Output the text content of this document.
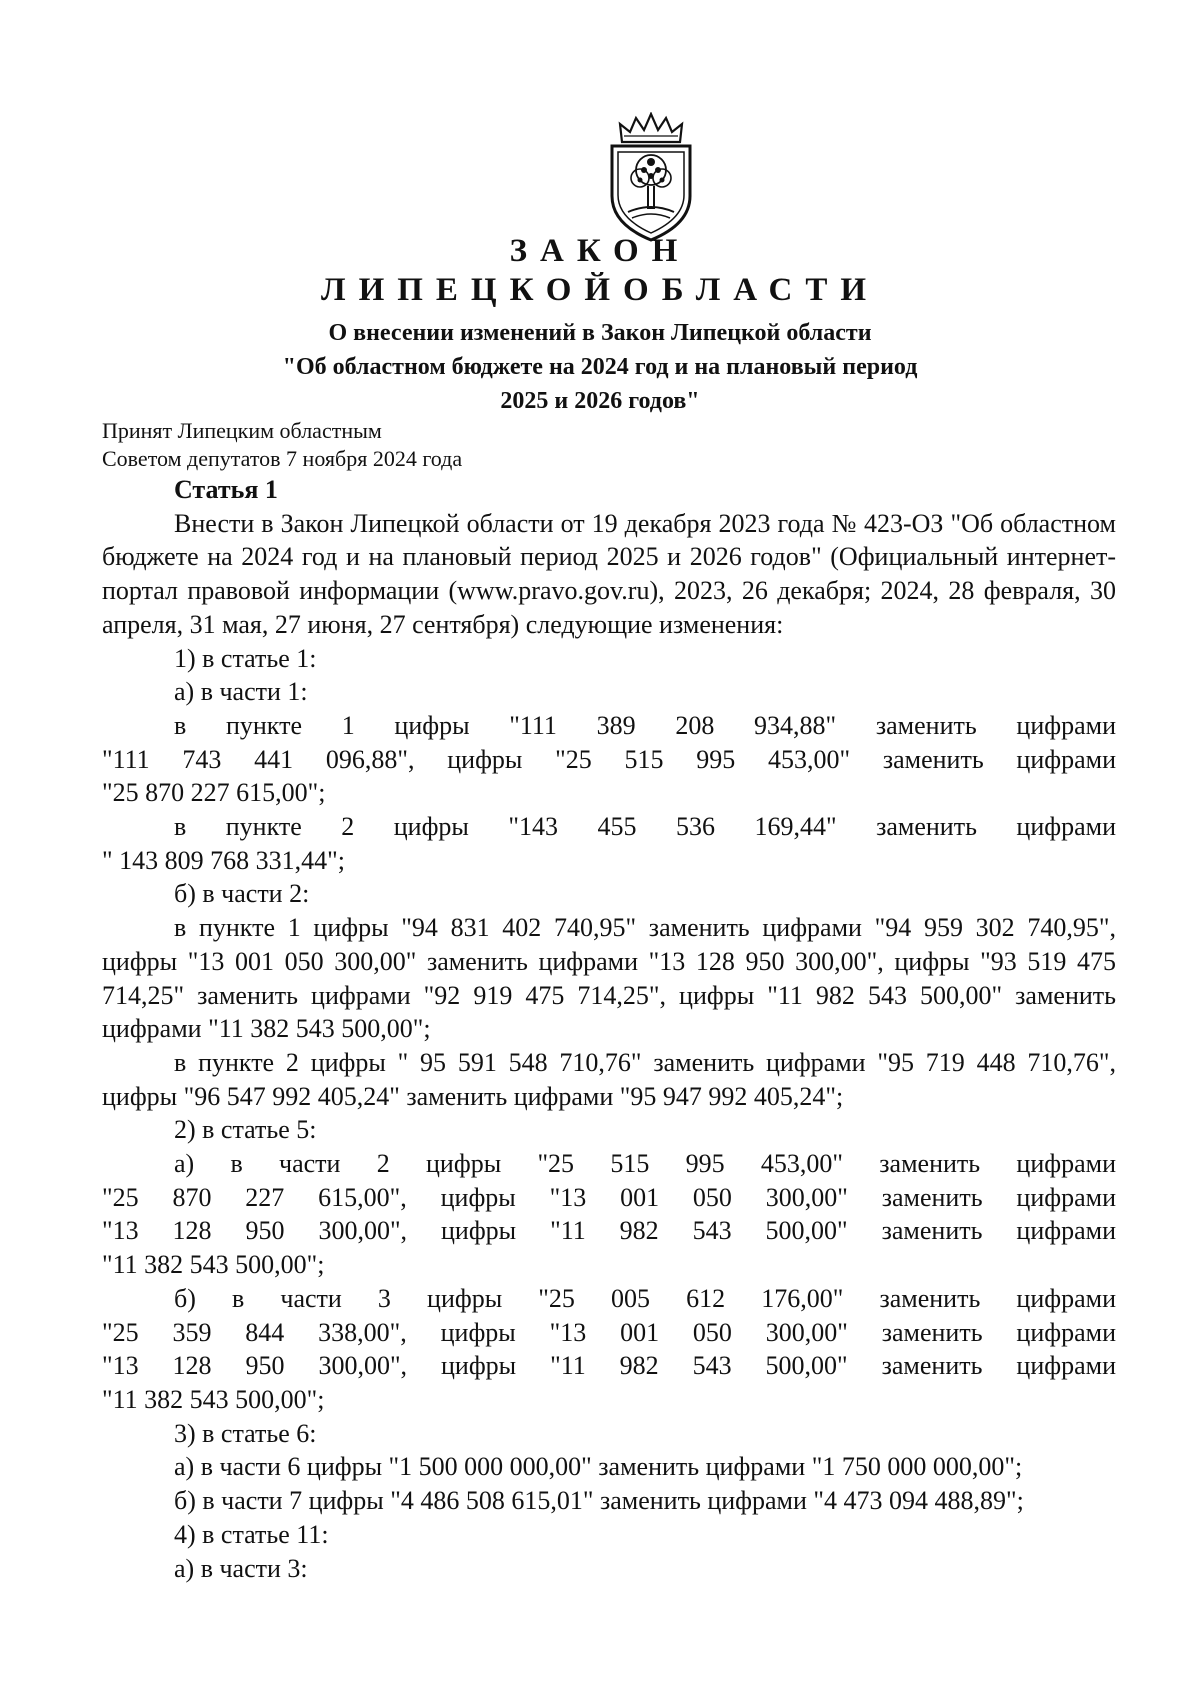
ЗАКОН
ЛИПЕЦКОЙОБЛАСТИ
О внесении изменений в Закон Липецкой области
"Об областном бюджете на 2024 год и на плановый период
2025 и 2026 годов"
Принят Липецким областным
Советом депутатов 7 ноября 2024 года

Статья 1

Внести в Закон Липецкой области от 19 декабря 2023 года № 423-ОЗ "Об областном бюджете на 2024 год и на плановый период 2025 и 2026 годов" (Официальный интернет-портал правовой информации (www.pravo.gov.ru), 2023, 26 декабря; 2024, 28 февраля, 30 апреля, 31 мая, 27 июня, 27 сентября) следующие изменения:

1) в статье 1:

а) в части 1:

в пункте 1 цифры "111 389 208 934,88" заменить цифрами

"111 743 441 096,88", цифры "25 515 995 453,00" заменить цифрами

"25 870 227 615,00";

в пункте 2 цифры "143 455 536 169,44" заменить цифрами

" 143 809 768 331,44";

б) в части 2:

в пункте 1 цифры "94 831 402 740,95" заменить цифрами "94 959 302 740,95", цифры "13 001 050 300,00" заменить цифрами "13 128 950 300,00", цифры "93 519 475 714,25" заменить цифрами "92 919 475 714,25", цифры "11 982 543 500,00" заменить цифрами "11 382 543 500,00";

в пункте 2 цифры " 95 591 548 710,76" заменить цифрами "95 719 448 710,76", цифры "96 547 992 405,24" заменить цифрами "95 947 992 405,24";

2) в статье 5:

а) в части 2 цифры "25 515 995 453,00" заменить цифрами

"25 870 227 615,00", цифры "13 001 050 300,00" заменить цифрами

"13 128 950 300,00", цифры "11 982 543 500,00" заменить цифрами

"11 382 543 500,00";

б) в части 3 цифры "25 005 612 176,00" заменить цифрами

"25 359 844 338,00", цифры "13 001 050 300,00" заменить цифрами

"13 128 950 300,00", цифры "11 982 543 500,00" заменить цифрами

"11 382 543 500,00";

3) в статье 6:

а) в части 6 цифры "1 500 000 000,00" заменить цифрами "1 750 000 000,00";

б) в части 7 цифры "4 486 508 615,01" заменить цифрами "4 473 094 488,89";

4) в статье 11:

а) в части 3:
